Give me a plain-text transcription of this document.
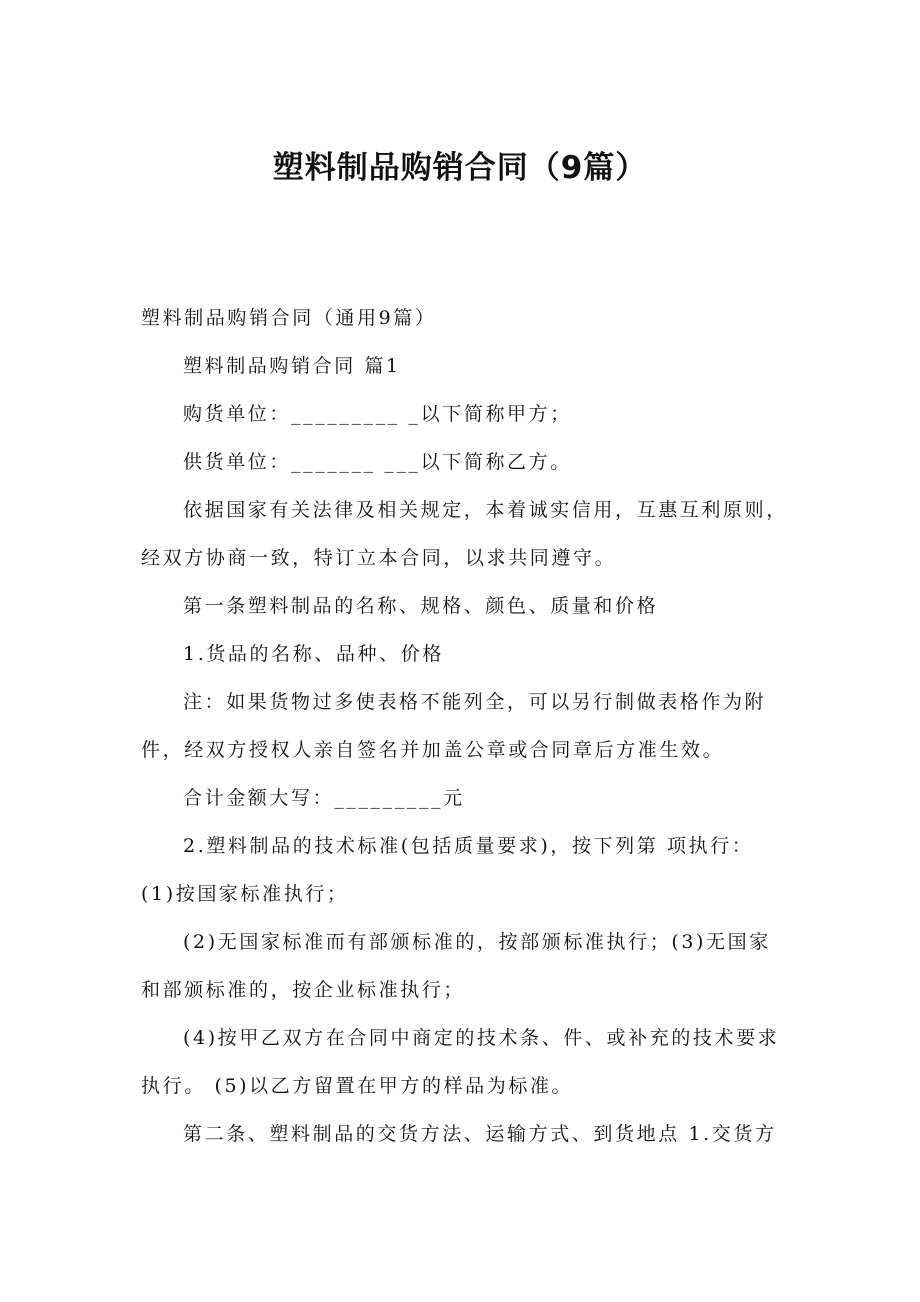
塑料制品购销合同（9篇）
塑料制品购销合同（通用9篇）
塑料制品购销合同 篇1
购货单位：_________ _以下简称甲方；
供货单位：_______ ___以下简称乙方。
依据国家有关法律及相关规定，本着诚实信用，互惠互利原则，
经双方协商一致，特订立本合同，以求共同遵守。
第一条塑料制品的名称、规格、颜色、质量和价格
1.货品的名称、品种、价格
注：如果货物过多使表格不能列全，可以另行制做表格作为附
件，经双方授权人亲自签名并加盖公章或合同章后方准生效。
合计金额大写：_________元
2.塑料制品的技术标准(包括质量要求)，按下列第 项执行：
(1)按国家标准执行；
(2)无国家标准而有部颁标准的，按部颁标准执行；(3)无国家
和部颁标准的，按企业标准执行；
(4)按甲乙双方在合同中商定的技术条、件、或补充的技术要求
执行。 (5)以乙方留置在甲方的样品为标准。
第二条、塑料制品的交货方法、运输方式、到货地点 1.交货方
